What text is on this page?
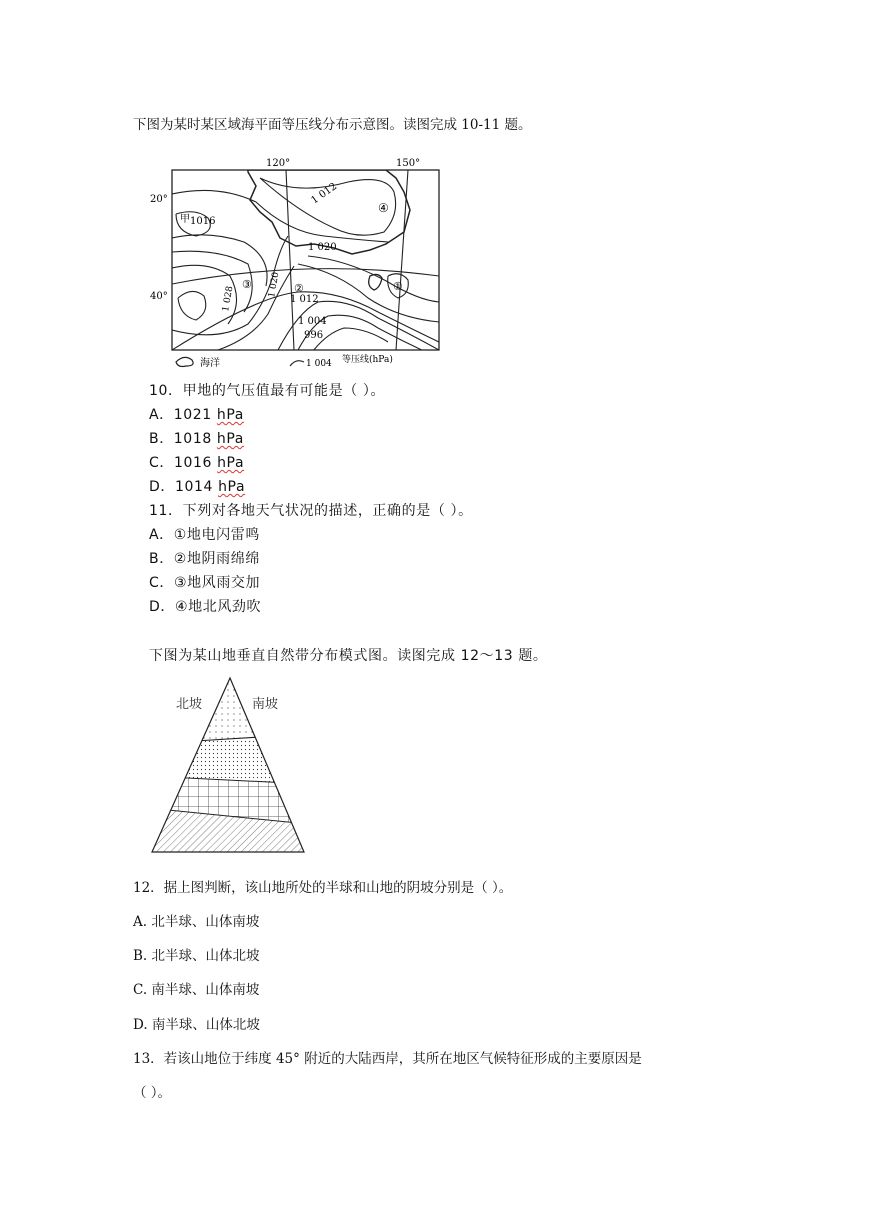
下图为某时某区域海平面等压线分布示意图。读图完成 10-11 题。
120°	150°
20°
40°
1 012
1 020
1016
1 028
1 020
1 012
1 004
996
甲
①
②
③
④
海洋	1 004 等压线(hPa)
10．甲地的气压值最有可能是（ ）。
A．1021 hPa
B．1018 hPa
C．1016 hPa
D．1014 hPa
11．下列对各地天气状况的描述，正确的是（ ）。
A．①地电闪雷鸣
B．②地阴雨绵绵
C．③地风雨交加
D．④地北风劲吹
下图为某山地垂直自然带分布模式图。读图完成 12～13 题。
北坡	南坡
12．据上图判断，该山地所处的半球和山地的阴坡分别是（ ）。
A. 北半球、山体南坡
B. 北半球、山体北坡
C. 南半球、山体南坡
D. 南半球、山体北坡
13．若该山地位于纬度 45° 附近的大陆西岸，其所在地区气候特征形成的主要原因是
（ ）。
